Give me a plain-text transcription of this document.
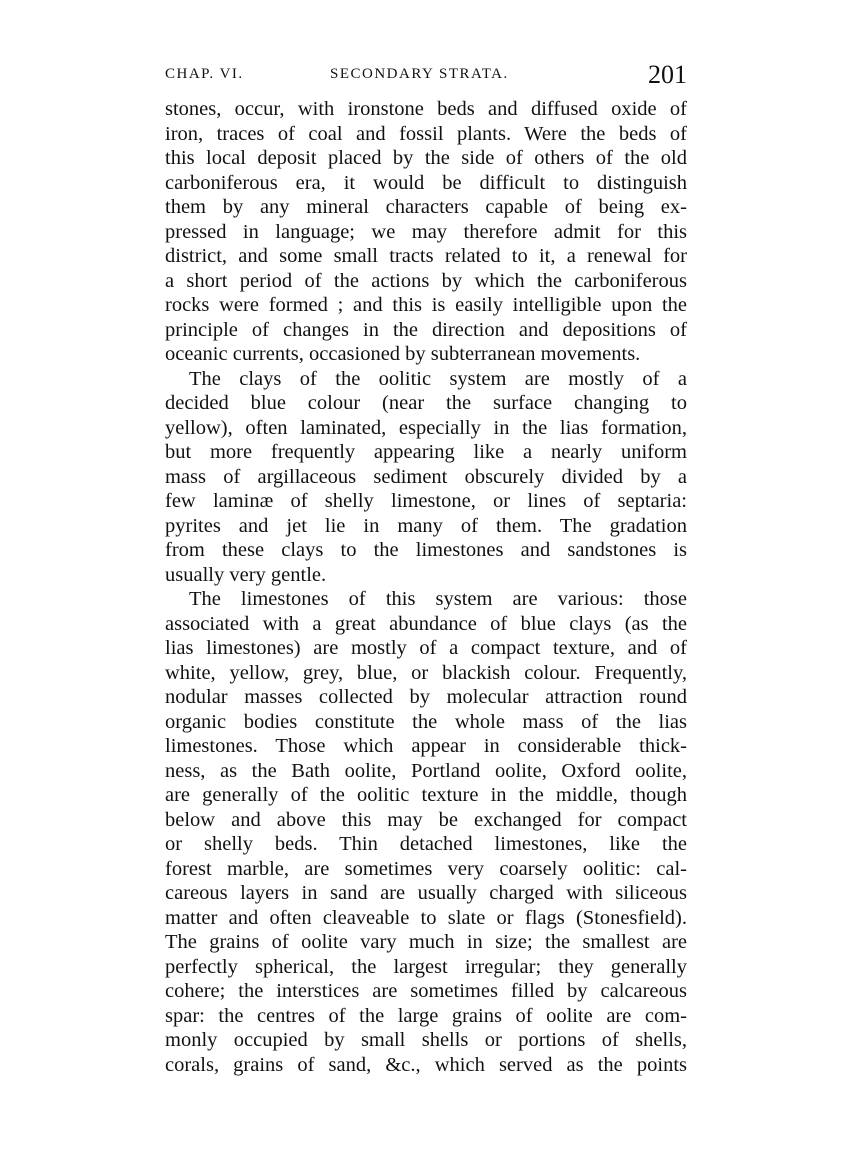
CHAP. VI.	SECONDARY STRATA.	201
stones, occur, with ironstone beds and diffused oxide of
iron, traces of coal and fossil plants. Were the beds of
this local deposit placed by the side of others of the old
carboniferous era, it would be difficult to distinguish
them by any mineral characters capable of being ex-
pressed in language; we may therefore admit for this
district, and some small tracts related to it, a renewal for
a short period of the actions by which the carboniferous
rocks were formed ; and this is easily intelligible upon the
principle of changes in the direction and depositions of
oceanic currents, occasioned by subterranean movements.
The clays of the oolitic system are mostly of a
decided blue colour (near the surface changing to
yellow), often laminated, especially in the lias formation,
but more frequently appearing like a nearly uniform
mass of argillaceous sediment obscurely divided by a
few laminæ of shelly limestone, or lines of septaria:
pyrites and jet lie in many of them. The gradation
from these clays to the limestones and sandstones is
usually very gentle.
The limestones of this system are various: those
associated with a great abundance of blue clays (as the
lias limestones) are mostly of a compact texture, and of
white, yellow, grey, blue, or blackish colour. Frequently,
nodular masses collected by molecular attraction round
organic bodies constitute the whole mass of the lias
limestones. Those which appear in considerable thick-
ness, as the Bath oolite, Portland oolite, Oxford oolite,
are generally of the oolitic texture in the middle, though
below and above this may be exchanged for compact
or shelly beds. Thin detached limestones, like the
forest marble, are sometimes very coarsely oolitic: cal-
careous layers in sand are usually charged with siliceous
matter and often cleaveable to slate or flags (Stonesfield).
The grains of oolite vary much in size; the smallest are
perfectly spherical, the largest irregular; they generally
cohere; the interstices are sometimes filled by calcareous
spar: the centres of the large grains of oolite are com-
monly occupied by small shells or portions of shells,
corals, grains of sand, &c., which served as the points
